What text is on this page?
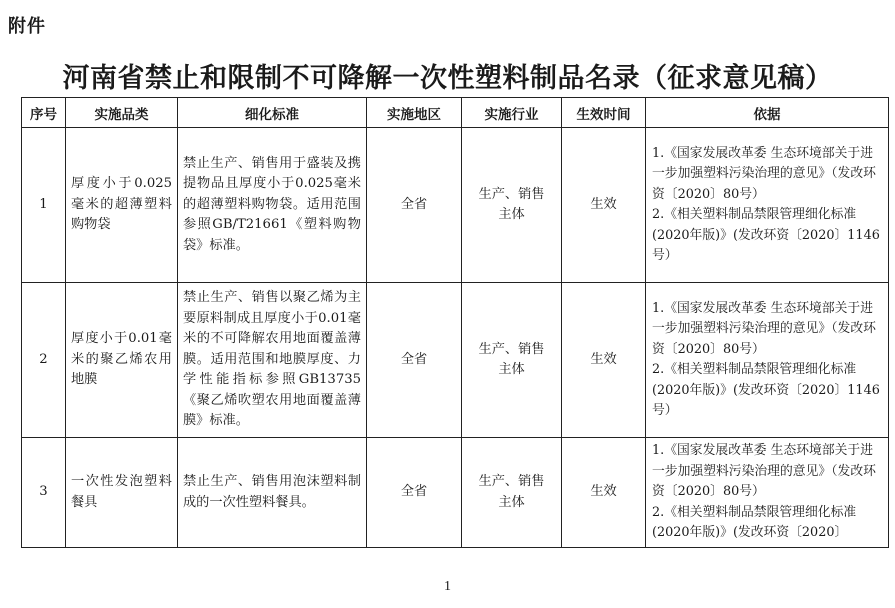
附件
河南省禁止和限制不可降解一次性塑料制品名录（征求意见稿）
序号	实施品类	细化标准	实施地区	实施行业	生效时间	依据
1	厚度小于0.025毫米的超薄塑料购物袋	禁止生产、销售用于盛装及携提物品且厚度小于0.025毫米的超薄塑料购物袋。适用范围参照GB/T21661《塑料购物袋》标准。	全省	生产、销售主体	生效	1.《国家发展改革委 生态环境部关于进一步加强塑料污染治理的意见》（发改环资〔2020〕80号）
2.《相关塑料制品禁限管理细化标准(2020年版)》(发改环资〔2020〕1146号）

2	厚度小于0.01毫米的聚乙烯农用地膜	禁止生产、销售以聚乙烯为主要原料制成且厚度小于0.01毫米的不可降解农用地面覆盖薄膜。适用范围和地膜厚度、力学性能指标参照GB13735《聚乙烯吹塑农用地面覆盖薄膜》标准。	全省	生产、销售主体	生效	1.《国家发展改革委 生态环境部关于进一步加强塑料污染治理的意见》（发改环资〔2020〕80号）
2.《相关塑料制品禁限管理细化标准(2020年版)》(发改环资〔2020〕1146号）

3	一次性发泡塑料餐具	禁止生产、销售用泡沫塑料制成的一次性塑料餐具。	全省	生产、销售主体	生效	1.《国家发展改革委 生态环境部关于进一步加强塑料污染治理的意见》（发改环资〔2020〕80号）
2.《相关塑料制品禁限管理细化标准(2020年版)》(发改环资〔2020〕
1
